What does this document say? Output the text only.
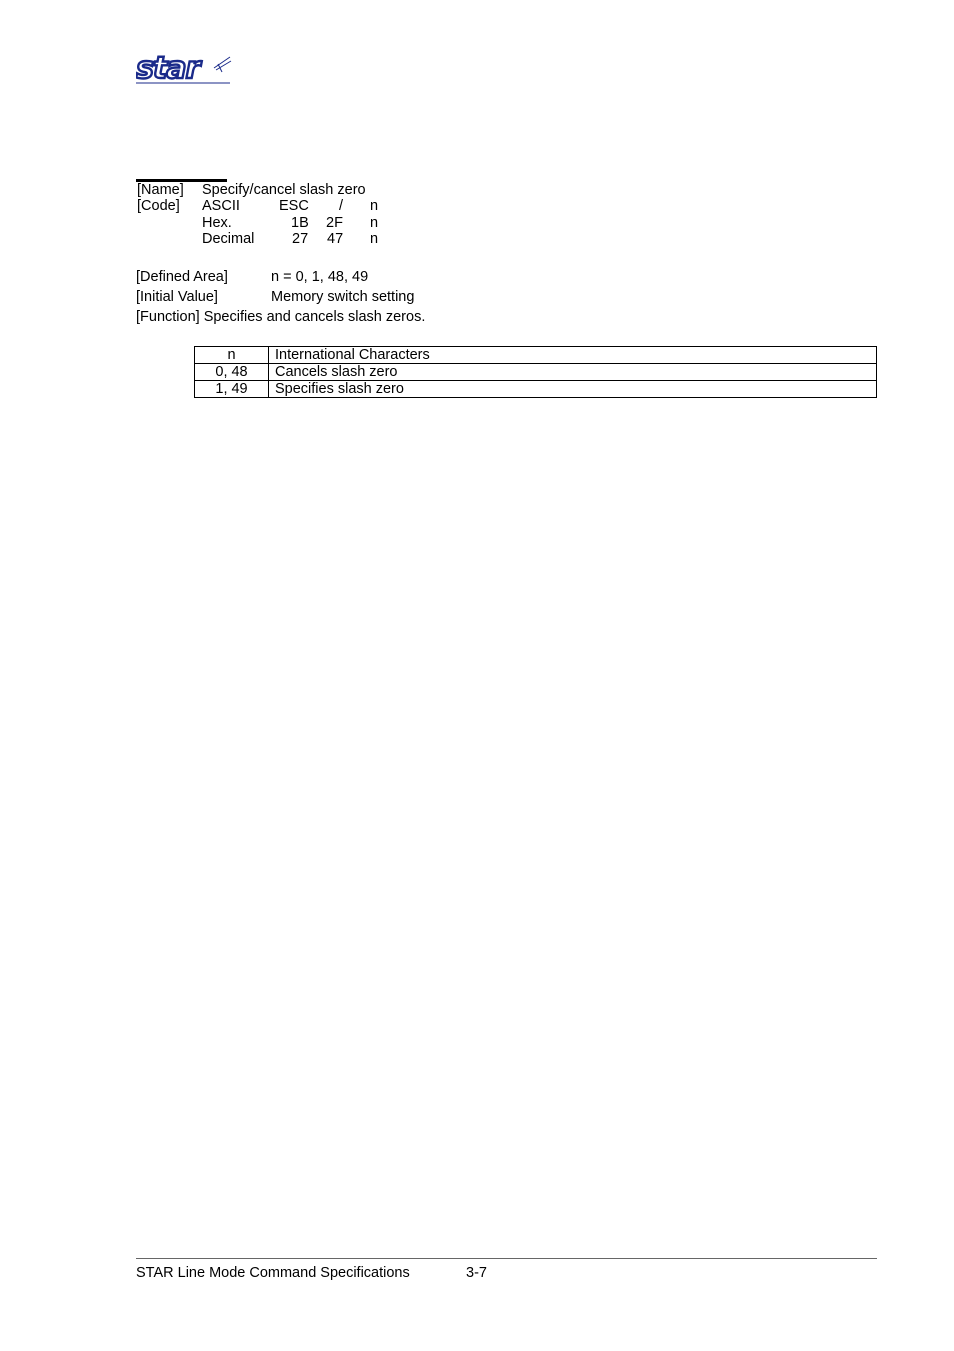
star
[Name] Specify/cancel slash zero
[Code] ASCII	ESC / n
Hex.	1B 2F n
Decimal	27 47 n
[Defined Area]	n = 0, 1, 48, 49
[Initial Value]	Memory switch setting
[Function] Specifies and cancels slash zeros.
n	International Characters
0, 48	Cancels slash zero
1, 49	Specifies slash zero
STAR Line Mode Command Specifications	3-7
